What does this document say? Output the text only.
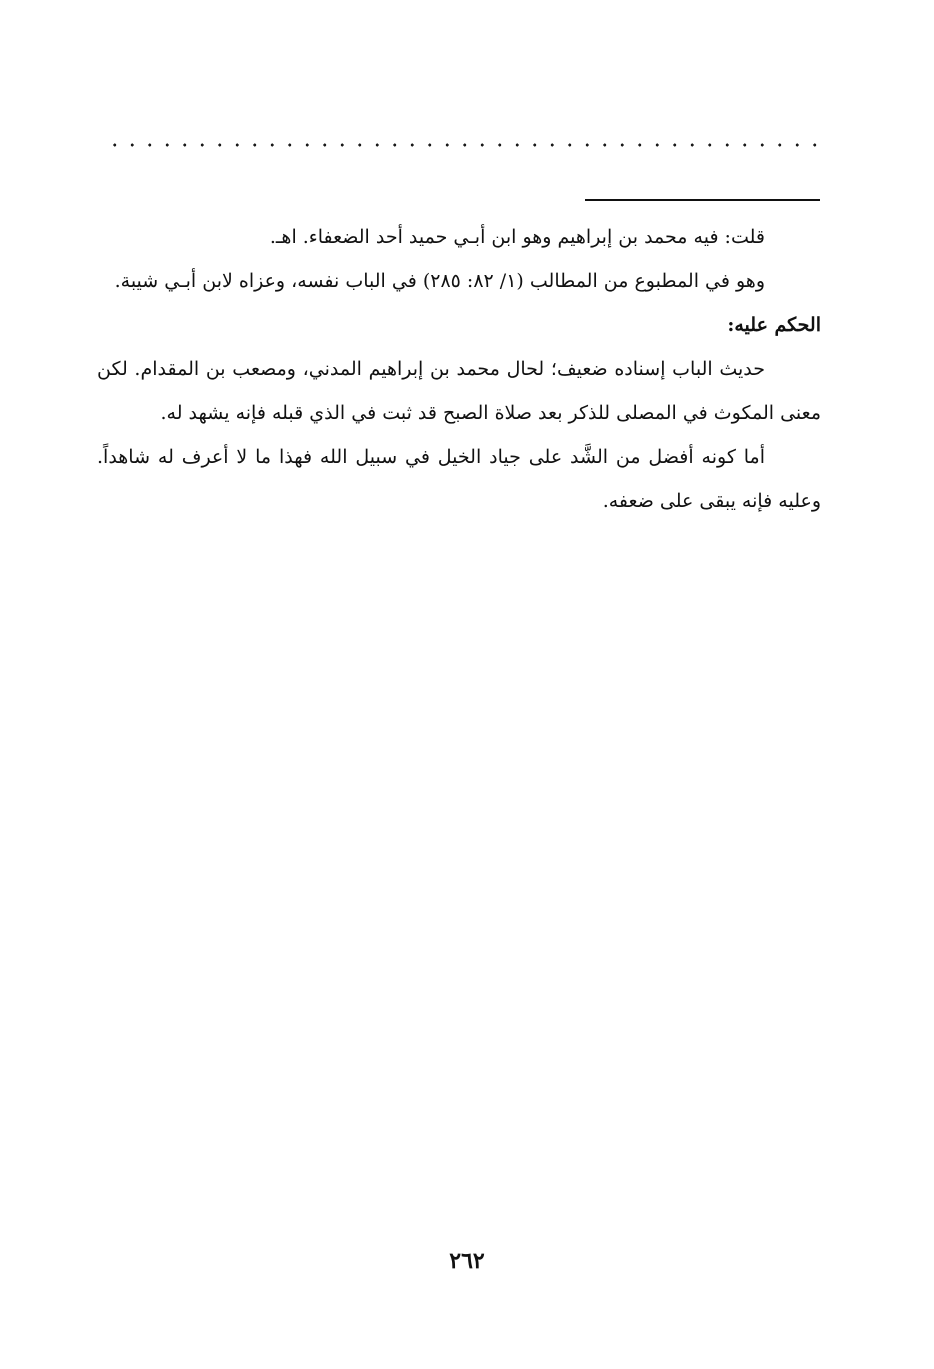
قلت: فيه محمد بن إبراهيم وهو ابن أبـي حميد أحد الضعفاء. اهـ.

وهو في المطبوع من المطالب (١/ ٨٢: ٢٨٥) في الباب نفسه، وعزاه لابن أبـي شيبة.

الحكم عليه:

حديث الباب إسناده ضعيف؛ لحال محمد بن إبراهيم المدني، ومصعب بن المقدام. لكن معنى المكوث في المصلى للذكر بعد صلاة الصبح قد ثبت في الذي قبله فإنه يشهد له.

أما كونه أفضل من الشَّد على جياد الخيل في سبيل الله فهذا ما لا أعرف له شاهداً. وعليه فإنه يبقى على ضعفه.

٢٦٢
